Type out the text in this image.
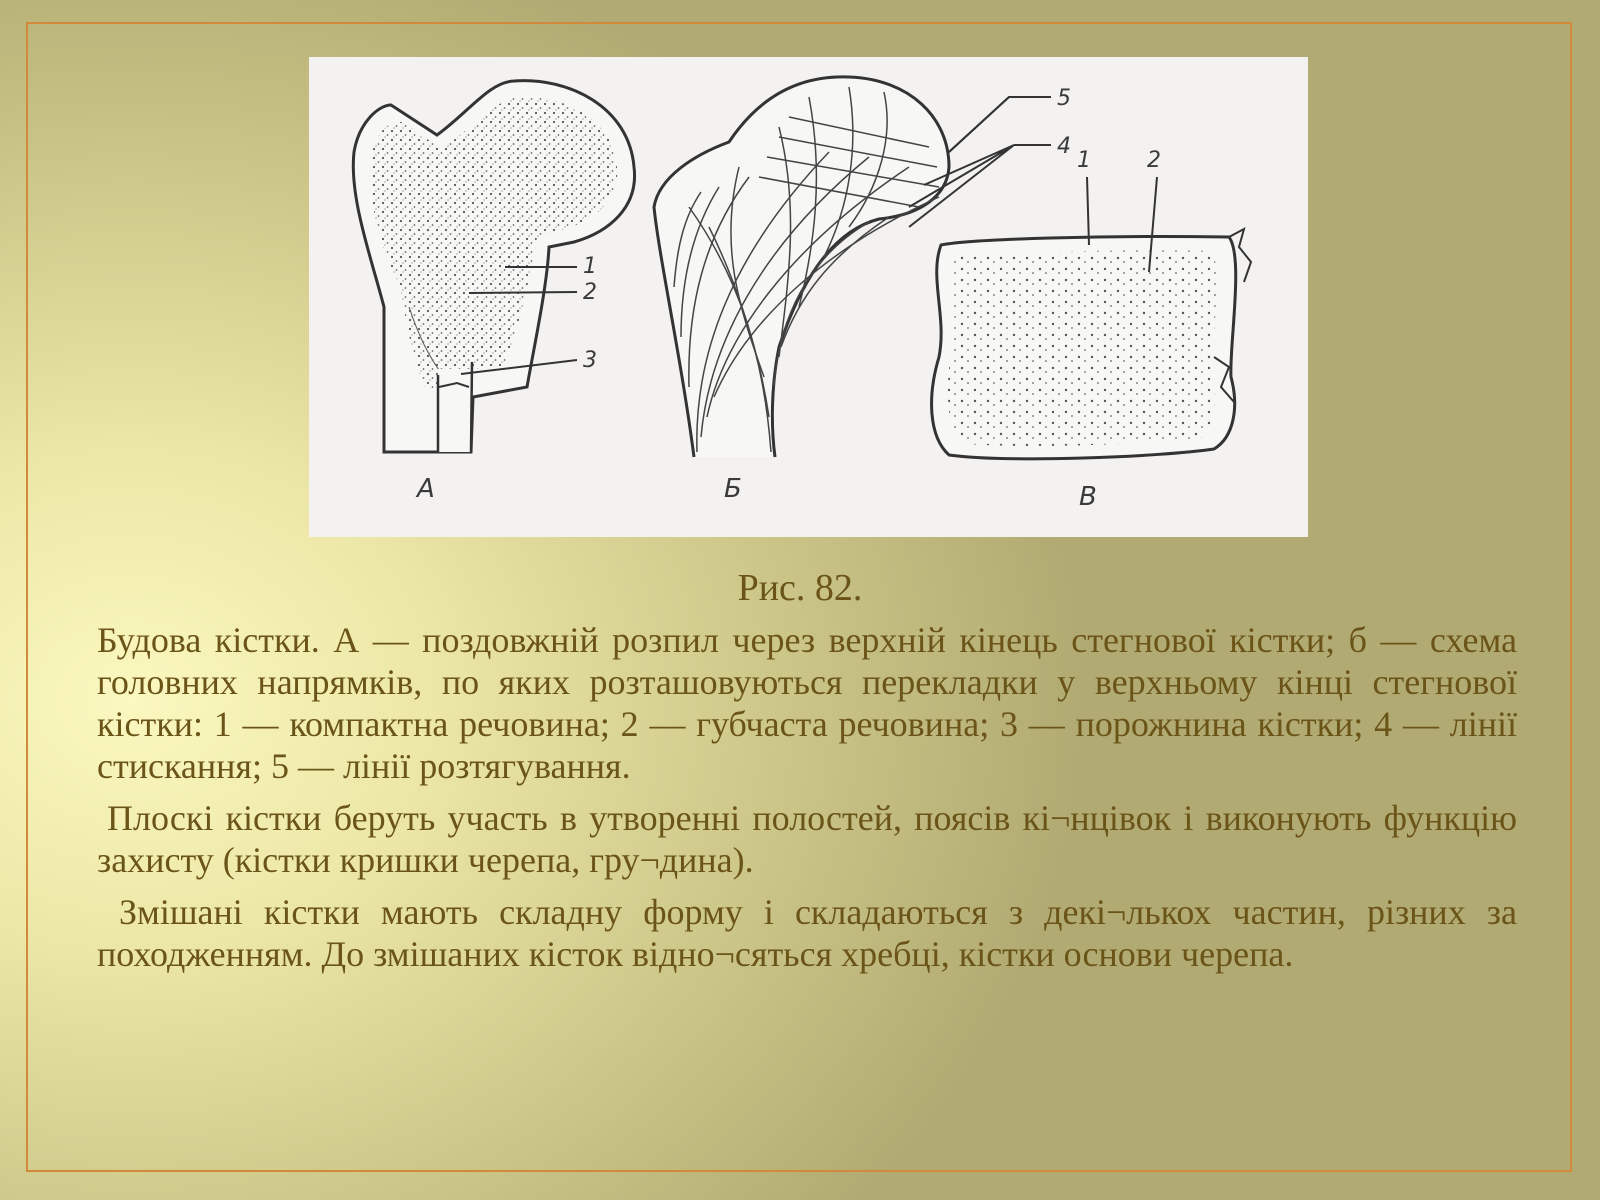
1
2
3
А
5
4
Б
1	2
В
Рис. 82.

Будова кістки. А — поздовжній розпил через верхній кінець стегнової кістки; б — схема головних напрямків, по яких розташовуються перекладки у верхньому кінці стегнової кістки: 1 — компактна речовина; 2 — губчаста речовина; 3 — порожнина кістки; 4 — лінії стискання; 5 — лінії розтягування.

Плоскі кістки беруть участь в утворенні полостей, поясів кі¬нцівок і виконують функцію захисту (кістки кришки черепа, гру¬дина).

Змішані кістки мають складну форму і складаються з декі¬лькох частин, різних за походженням. До змішаних кісток відно¬сяться хребці, кістки основи черепа.
